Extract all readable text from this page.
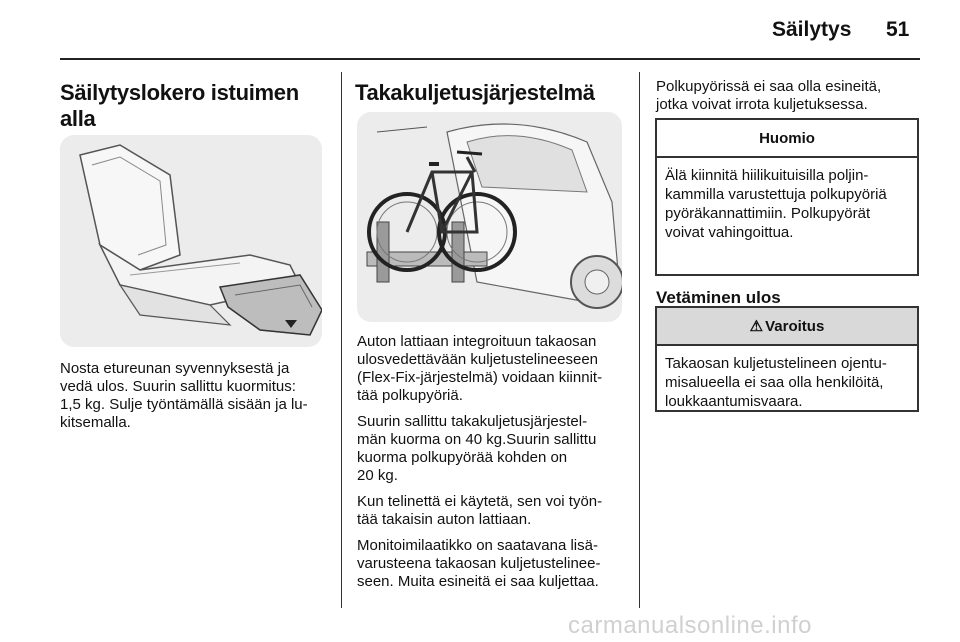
Säilytys 51
Säilytyslokero istuimen
alla
Nosta etureunan syvennyksestä ja
vedä ulos. Suurin sallittu kuormitus:
1,5 kg. Sulje työntämällä sisään ja lu-
kitsemalla.
Takakuljetusjärjestelmä
Auton lattiaan integroituun takaosan
ulosvedettävään kuljetustelineeseen
(Flex-Fix-järjestelmä) voidaan kiinnit-
tää polkupyöriä.
Suurin sallittu takakuljetusjärjestel-
män kuorma on 40 kg.Suurin sallittu
kuorma polkupyörää kohden on
20 kg.
Kun telinettä ei käytetä, sen voi työn-
tää takaisin auton lattiaan.
Monitoimilaatikko on saatavana lisä-
varusteena takaosan kuljetustelinee-
seen. Muita esineitä ei saa kuljettaa.
Polkupyörissä ei saa olla esineitä,
jotka voivat irrota kuljetuksessa.
Huomio
Älä kiinnitä hiilikuituisilla poljin-
kammilla varustettuja polkupyöriä
pyöräkannattimiin. Polkupyörät
voivat vahingoittua.
Vetäminen ulos
⚠ Varoitus
Takaosan kuljetustelineen ojentu-
misalueella ei saa olla henkilöitä,
loukkaantumisvaara.
carmanualsonline.info
